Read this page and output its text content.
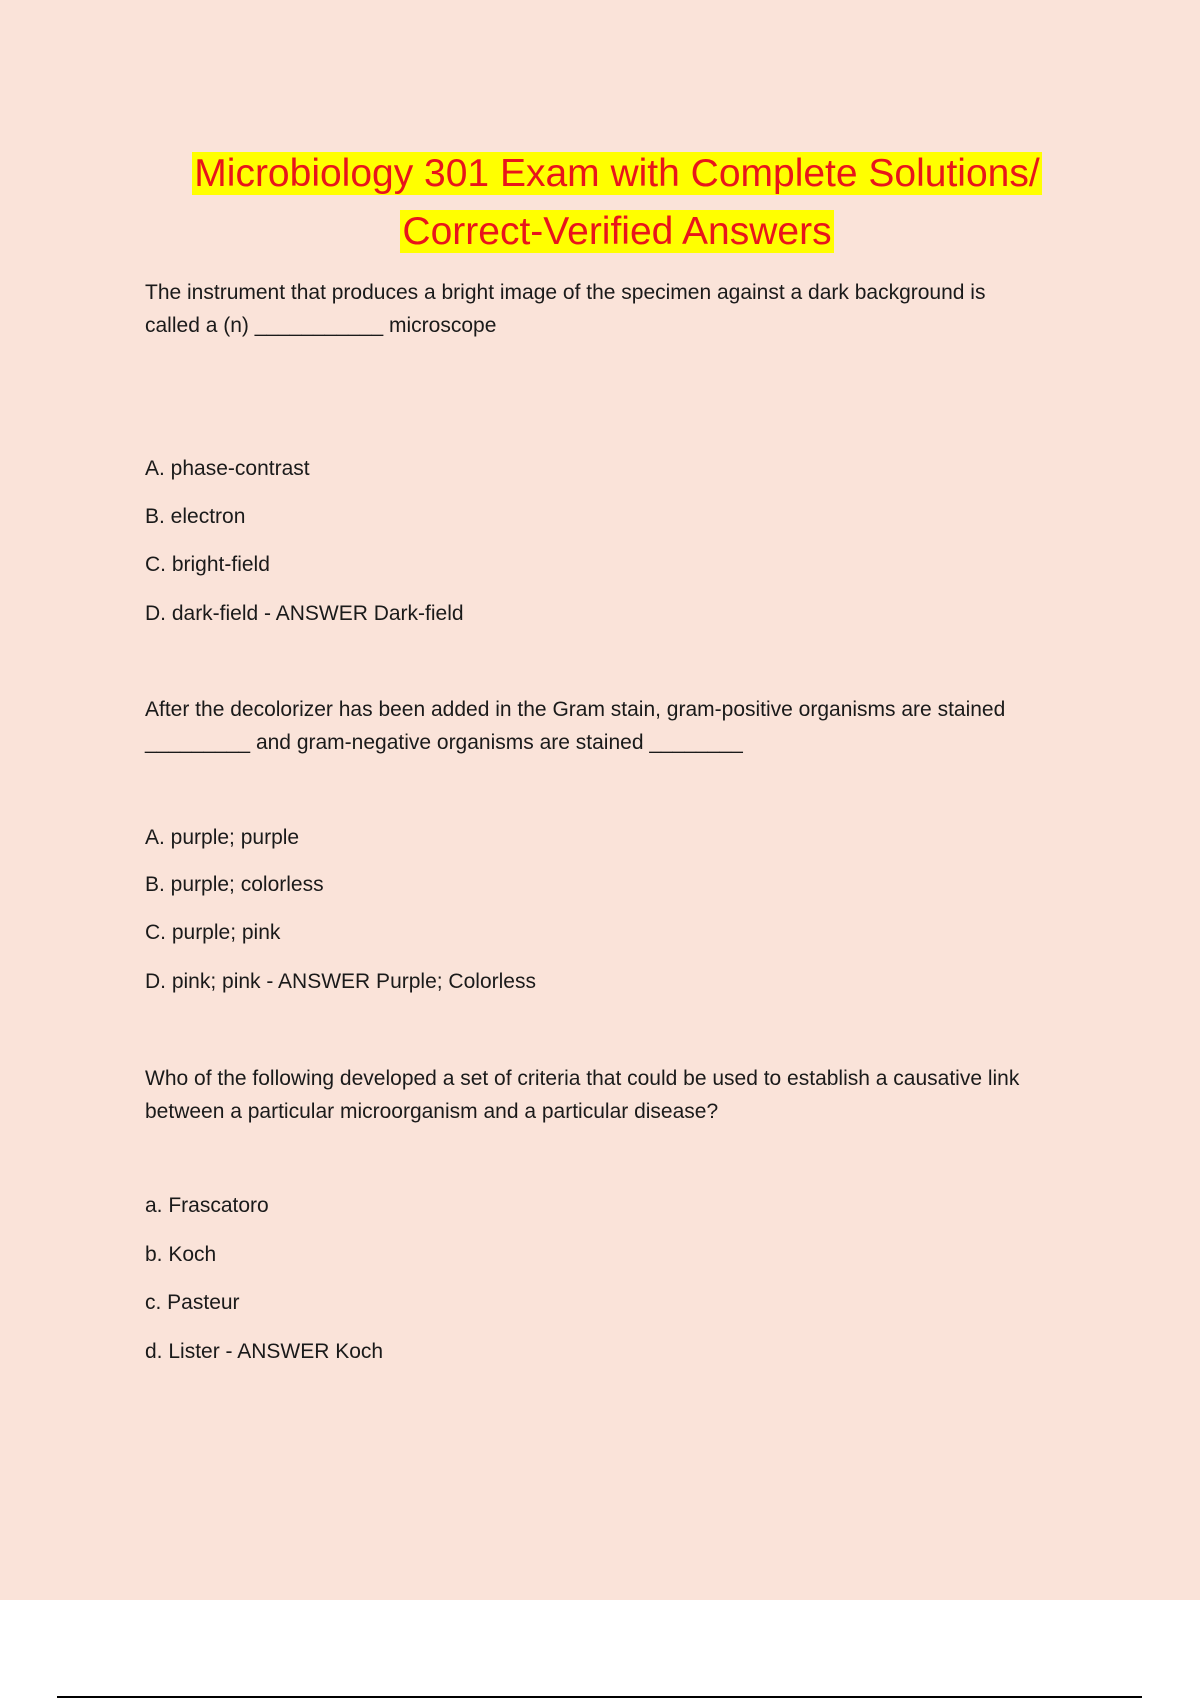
Microbiology 301 Exam with Complete Solutions/
Correct-Verified Answers

The instrument that produces a bright image of the specimen against a dark background is
called a (n) ___________ microscope

A. phase-contrast

B. electron

C. bright-field

D. dark-field - ANSWER Dark-field

After the decolorizer has been added in the Gram stain, gram-positive organisms are stained
_________ and gram-negative organisms are stained ________

A. purple; purple

B. purple; colorless

C. purple; pink

D. pink; pink - ANSWER Purple; Colorless

Who of the following developed a set of criteria that could be used to establish a causative link
between a particular microorganism and a particular disease?

a. Frascatoro

b. Koch

c. Pasteur

d. Lister - ANSWER Koch
